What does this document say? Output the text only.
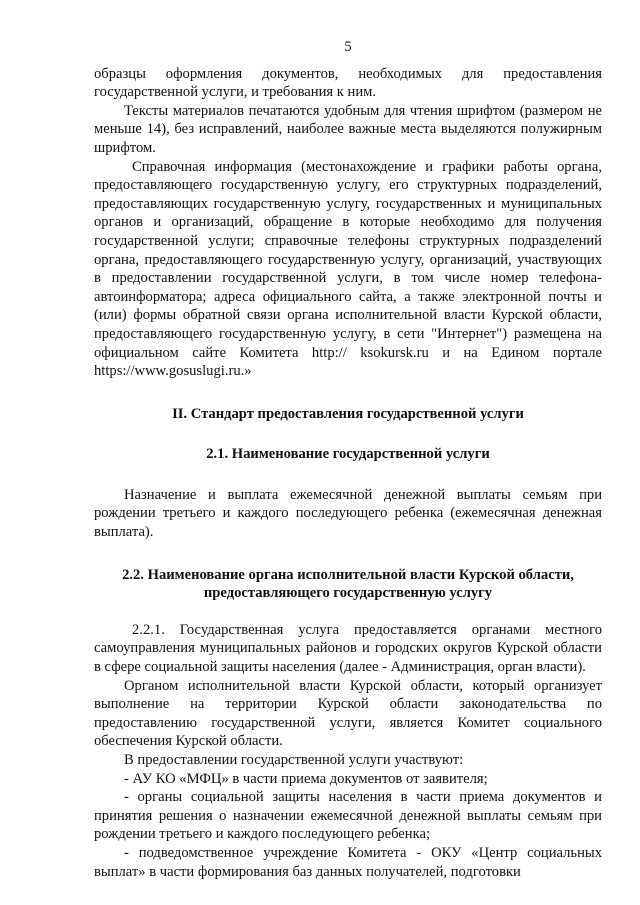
5

образцы оформления документов, необходимых для предоставления государственной услуги, и требования к ним.

Тексты материалов печатаются удобным для чтения шрифтом (размером не меньше 14), без исправлений, наиболее важные места выделяются полужирным шрифтом.

Справочная информация (местонахождение и графики работы органа, предоставляющего государственную услугу, его структурных подразделений, предоставляющих государственную услугу, государственных и муниципальных органов и организаций, обращение в которые необходимо для получения государственной услуги; справочные телефоны структурных подразделений органа, предоставляющего государственную услугу, организаций, участвующих в предоставлении государственной услуги, в том числе номер телефона-автоинформатора; адреса официального сайта, а также электронной почты и (или) формы обратной связи органа исполнительной власти Курской области, предоставляющего государственную услугу, в сети "Интернет") размещена на официальном сайте Комитета http:// ksokursk.ru и на Едином портале https://www.gosuslugi.ru.»

II. Стандарт предоставления государственной услуги

2.1. Наименование государственной услуги

Назначение и выплата ежемесячной денежной выплаты семьям при рождении третьего и каждого последующего ребенка (ежемесячная денежная выплата).

2.2. Наименование органа исполнительной власти Курской области,

предоставляющего государственную услугу

2.2.1. Государственная услуга предоставляется органами местного самоуправления муниципальных районов и городских округов Курской области в сфере социальной защиты населения (далее - Администрация, орган власти).

Органом исполнительной власти Курской области, который организует выполнение на территории Курской области законодательства по предоставлению государственной услуги, является Комитет социального обеспечения Курской области.

В предоставлении государственной услуги участвуют:

- АУ КО «МФЦ» в части приема документов от заявителя;

- органы социальной защиты населения в части приема документов и принятия решения о назначении ежемесячной денежной выплаты семьям при рождении третьего и каждого последующего ребенка;

- подведомственное учреждение Комитета - ОКУ «Центр социальных выплат» в части формирования баз данных получателей, подготовки
